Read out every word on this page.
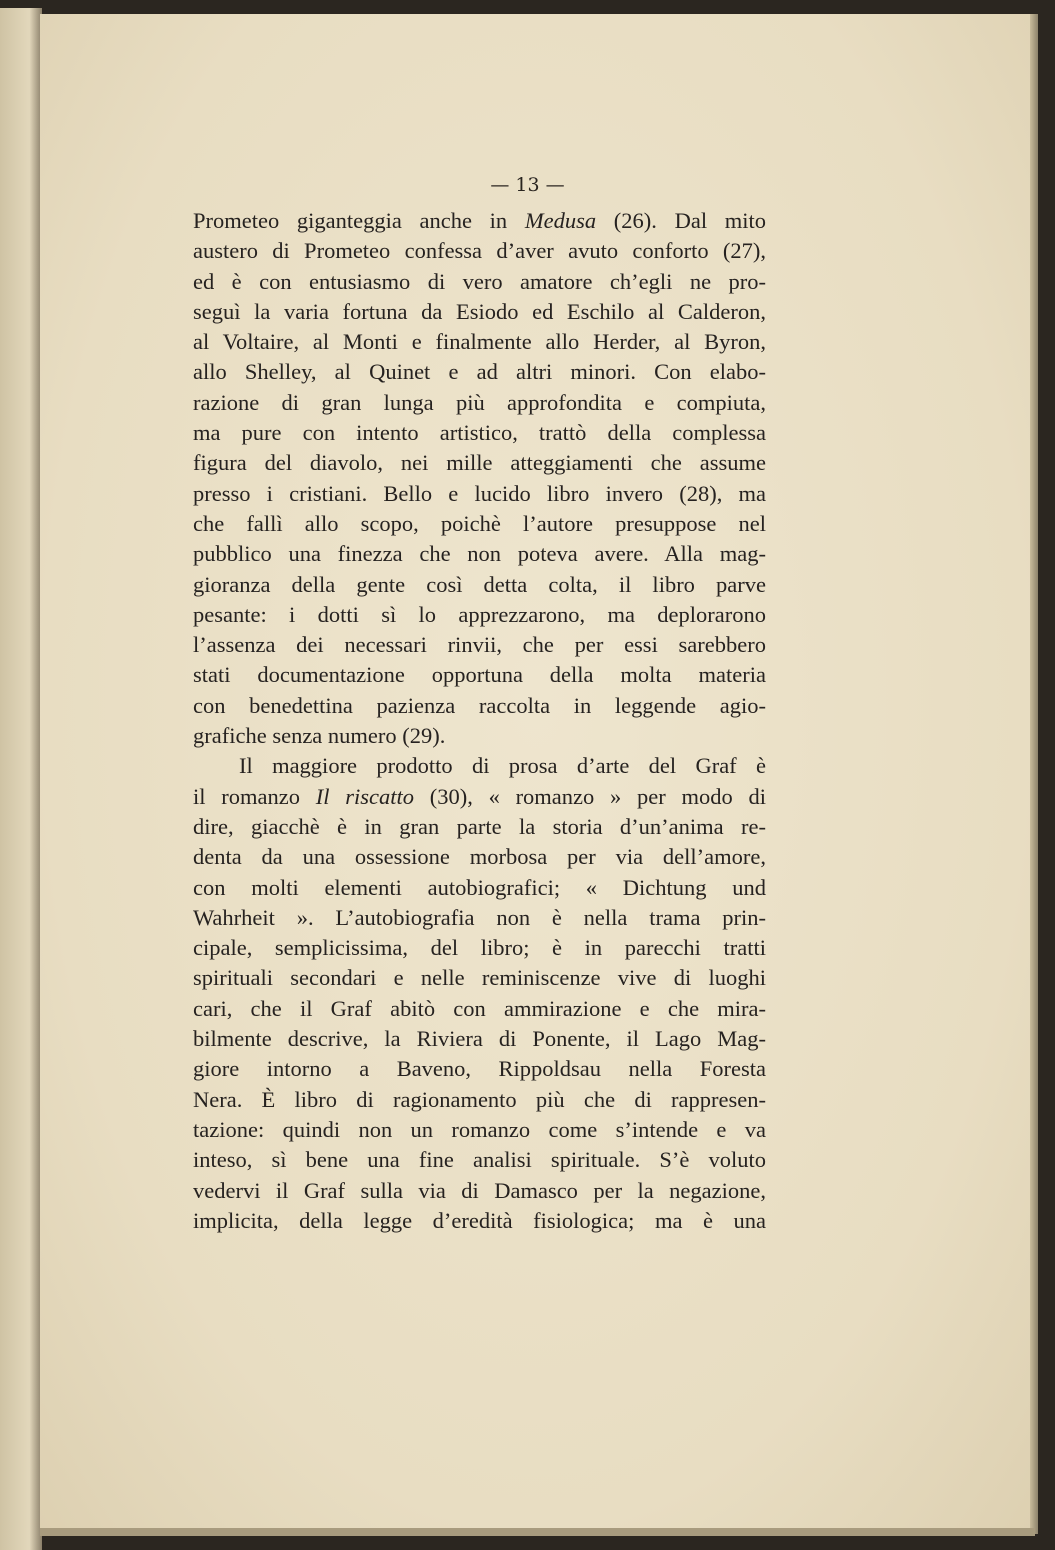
— 13 —
Prometeo giganteggia anche in Medusa (26). Dal mito
austero di Prometeo confessa d’aver avuto conforto (27),
ed è con entusiasmo di vero amatore ch’egli ne pro-
seguì la varia fortuna da Esiodo ed Eschilo al Calderon,
al Voltaire, al Monti e finalmente allo Herder, al Byron,
allo Shelley, al Quinet e ad altri minori. Con elabo-
razione di gran lunga più approfondita e compiuta,
ma pure con intento artistico, trattò della complessa
figura del diavolo, nei mille atteggiamenti che assume
presso i cristiani. Bello e lucido libro invero (28), ma
che fallì allo scopo, poichè l’autore presuppose nel
pubblico una finezza che non poteva avere. Alla mag-
gioranza della gente così detta colta, il libro parve
pesante: i dotti sì lo apprezzarono, ma deplorarono
l’assenza dei necessari rinvii, che per essi sarebbero
stati documentazione opportuna della molta materia
con benedettina pazienza raccolta in leggende agio-
grafiche senza numero (29).
Il maggiore prodotto di prosa d’arte del Graf è
il romanzo Il riscatto (30), « romanzo » per modo di
dire, giacchè è in gran parte la storia d’un’anima re-
denta da una ossessione morbosa per via dell’amore,
con molti elementi autobiografici; « Dichtung und
Wahrheit ». L’autobiografia non è nella trama prin-
cipale, semplicissima, del libro; è in parecchi tratti
spirituali secondari e nelle reminiscenze vive di luoghi
cari, che il Graf abitò con ammirazione e che mira-
bilmente descrive, la Riviera di Ponente, il Lago Mag-
giore intorno a Baveno, Rippoldsau nella Foresta
Nera. È libro di ragionamento più che di rappresen-
tazione: quindi non un romanzo come s’intende e va
inteso, sì bene una fine analisi spirituale. S’è voluto
vedervi il Graf sulla via di Damasco per la negazione,
implicita, della legge d’eredità fisiologica; ma è una
